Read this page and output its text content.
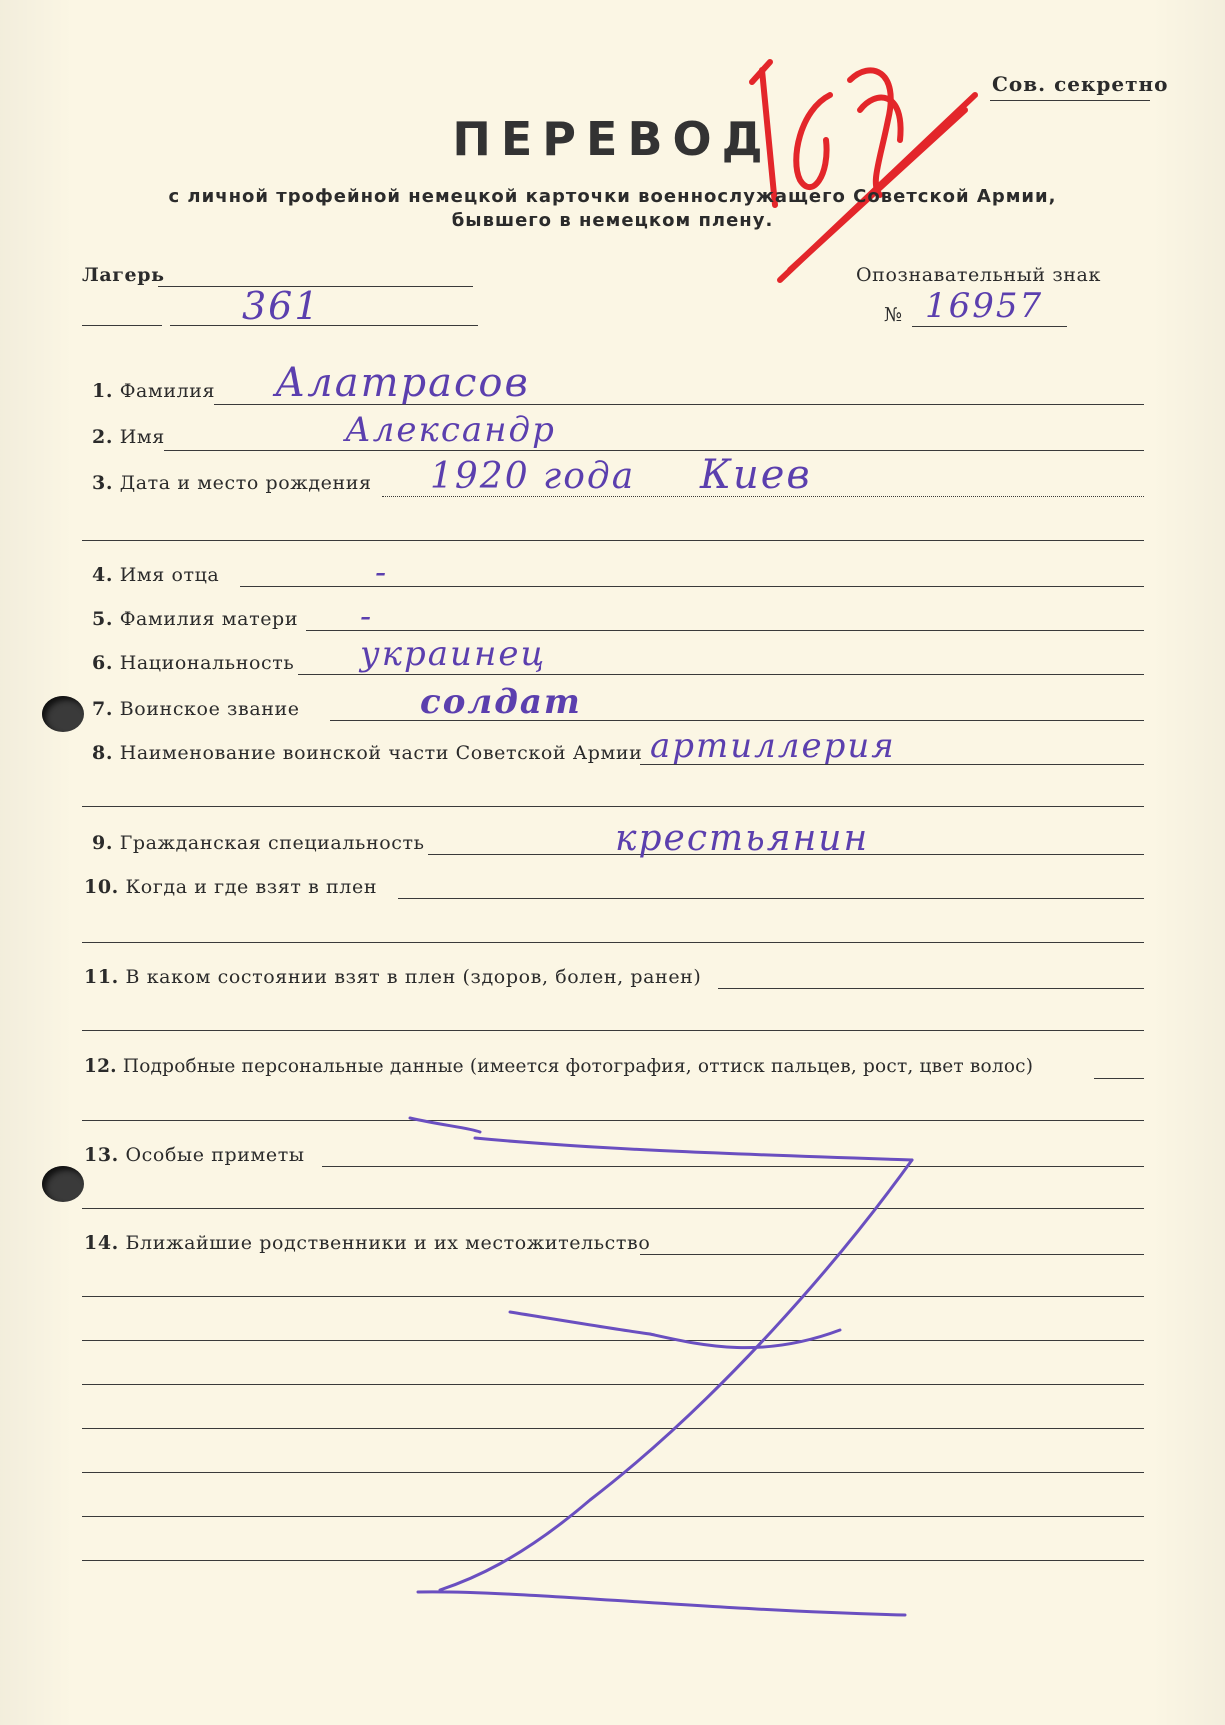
Сов. секретно
ПЕРЕВОД
с личной трофейной немецкой карточки военнослужащего Советской Армии,
бывшего в немецком плену.
Лагерь
361
Опознавательный знак
№ 16957
1. Фамилия Алатрасов
2. Имя	Александр
3. Дата и место рождения 1920 года Киев
4. Имя отца	-
5. Фамилия матери -
6. Национальность украинец
7. Воинское звание	солдат
8. Наименование воинской части Советской Армии артиллерия
9. Гражданская специальность	крестьянин
10. Когда и где взят в плен
11. В каком состоянии взят в плен (здоров, болен, ранен)
12. Подробные персональные данные (имеется фотография, оттиск пальцев, рост, цвет волос)
13. Особые приметы
14. Ближайшие родственники и их местожительство
